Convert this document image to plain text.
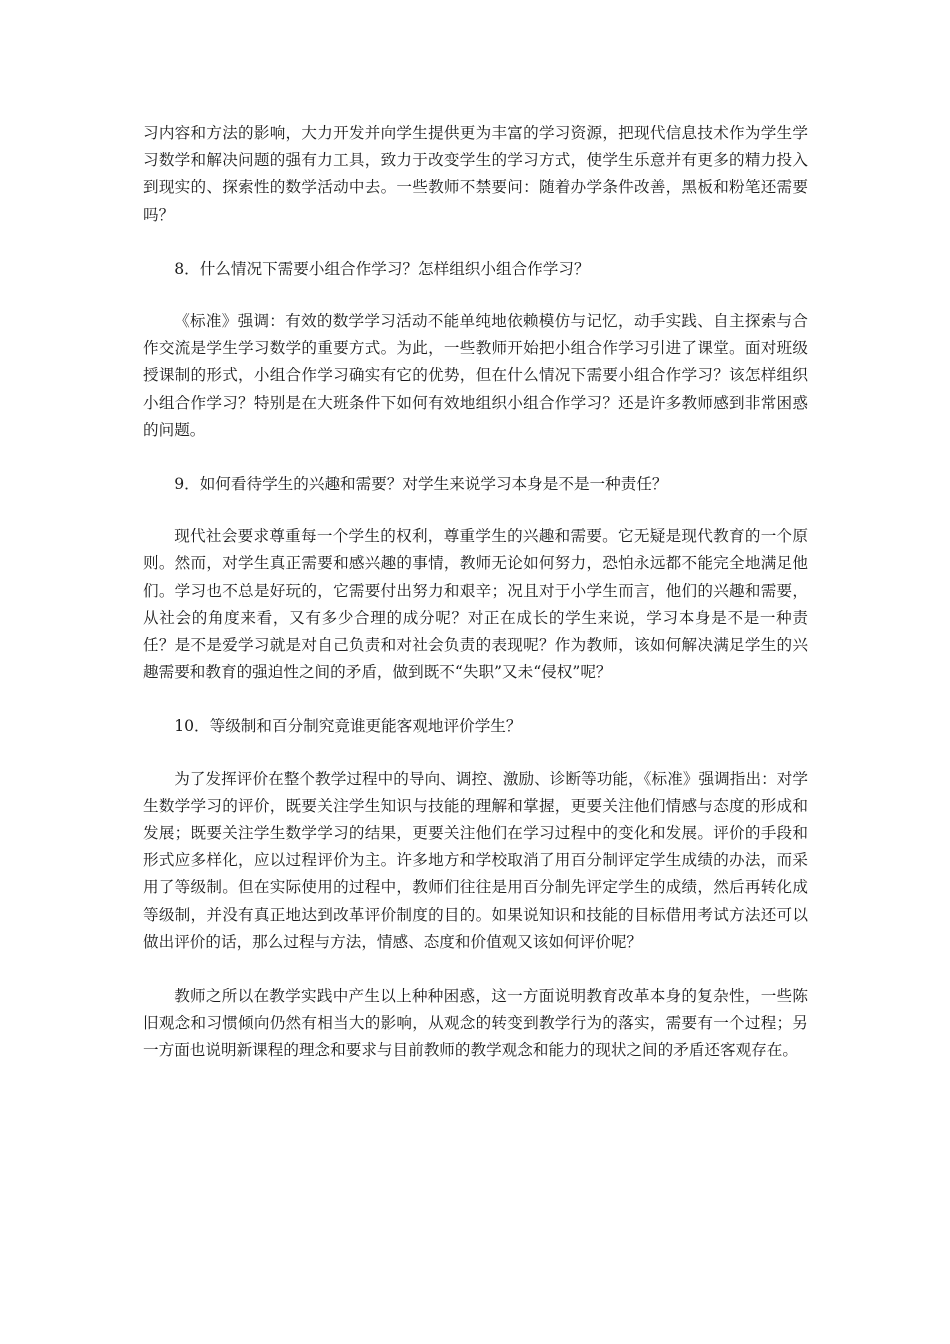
习内容和方法的影响，大力开发并向学生提供更为丰富的学习资源，把现代信息技术作为学生学习数学和解决问题的强有力工具，致力于改变学生的学习方式，使学生乐意并有更多的精力投入到现实的、探索性的数学活动中去。一些教师不禁要问：随着办学条件改善，黑板和粉笔还需要吗？

8．什么情况下需要小组合作学习？怎样组织小组合作学习？

《标准》强调：有效的数学学习活动不能单纯地依赖模仿与记忆，动手实践、自主探索与合作交流是学生学习数学的重要方式。为此，一些教师开始把小组合作学习引进了课堂。面对班级授课制的形式，小组合作学习确实有它的优势，但在什么情况下需要小组合作学习？该怎样组织小组合作学习？特别是在大班条件下如何有效地组织小组合作学习？还是许多教师感到非常困惑的问题。

9．如何看待学生的兴趣和需要？对学生来说学习本身是不是一种责任？

现代社会要求尊重每一个学生的权利，尊重学生的兴趣和需要。它无疑是现代教育的一个原则。然而，对学生真正需要和感兴趣的事情，教师无论如何努力，恐怕永远都不能完全地满足他们。学习也不总是好玩的，它需要付出努力和艰辛；况且对于小学生而言，他们的兴趣和需要，从社会的角度来看，又有多少合理的成分呢？对正在成长的学生来说，学习本身是不是一种责任？是不是爱学习就是对自己负责和对社会负责的表现呢？作为教师，该如何解决满足学生的兴趣需要和教育的强迫性之间的矛盾，做到既不“失职”又未“侵权”呢？

10．等级制和百分制究竟谁更能客观地评价学生？

为了发挥评价在整个教学过程中的导向、调控、激励、诊断等功能，《标准》强调指出：对学生数学学习的评价，既要关注学生知识与技能的理解和掌握，更要关注他们情感与态度的形成和发展；既要关注学生数学学习的结果，更要关注他们在学习过程中的变化和发展。评价的手段和形式应多样化，应以过程评价为主。许多地方和学校取消了用百分制评定学生成绩的办法，而采用了等级制。但在实际使用的过程中，教师们往往是用百分制先评定学生的成绩，然后再转化成等级制，并没有真正地达到改革评价制度的目的。如果说知识和技能的目标借用考试方法还可以做出评价的话，那么过程与方法，情感、态度和价值观又该如何评价呢？

教师之所以在教学实践中产生以上种种困惑，这一方面说明教育改革本身的复杂性，一些陈旧观念和习惯倾向仍然有相当大的影响，从观念的转变到教学行为的落实，需要有一个过程；另一方面也说明新课程的理念和要求与目前教师的教学观念和能力的现状之间的矛盾还客观存在。
